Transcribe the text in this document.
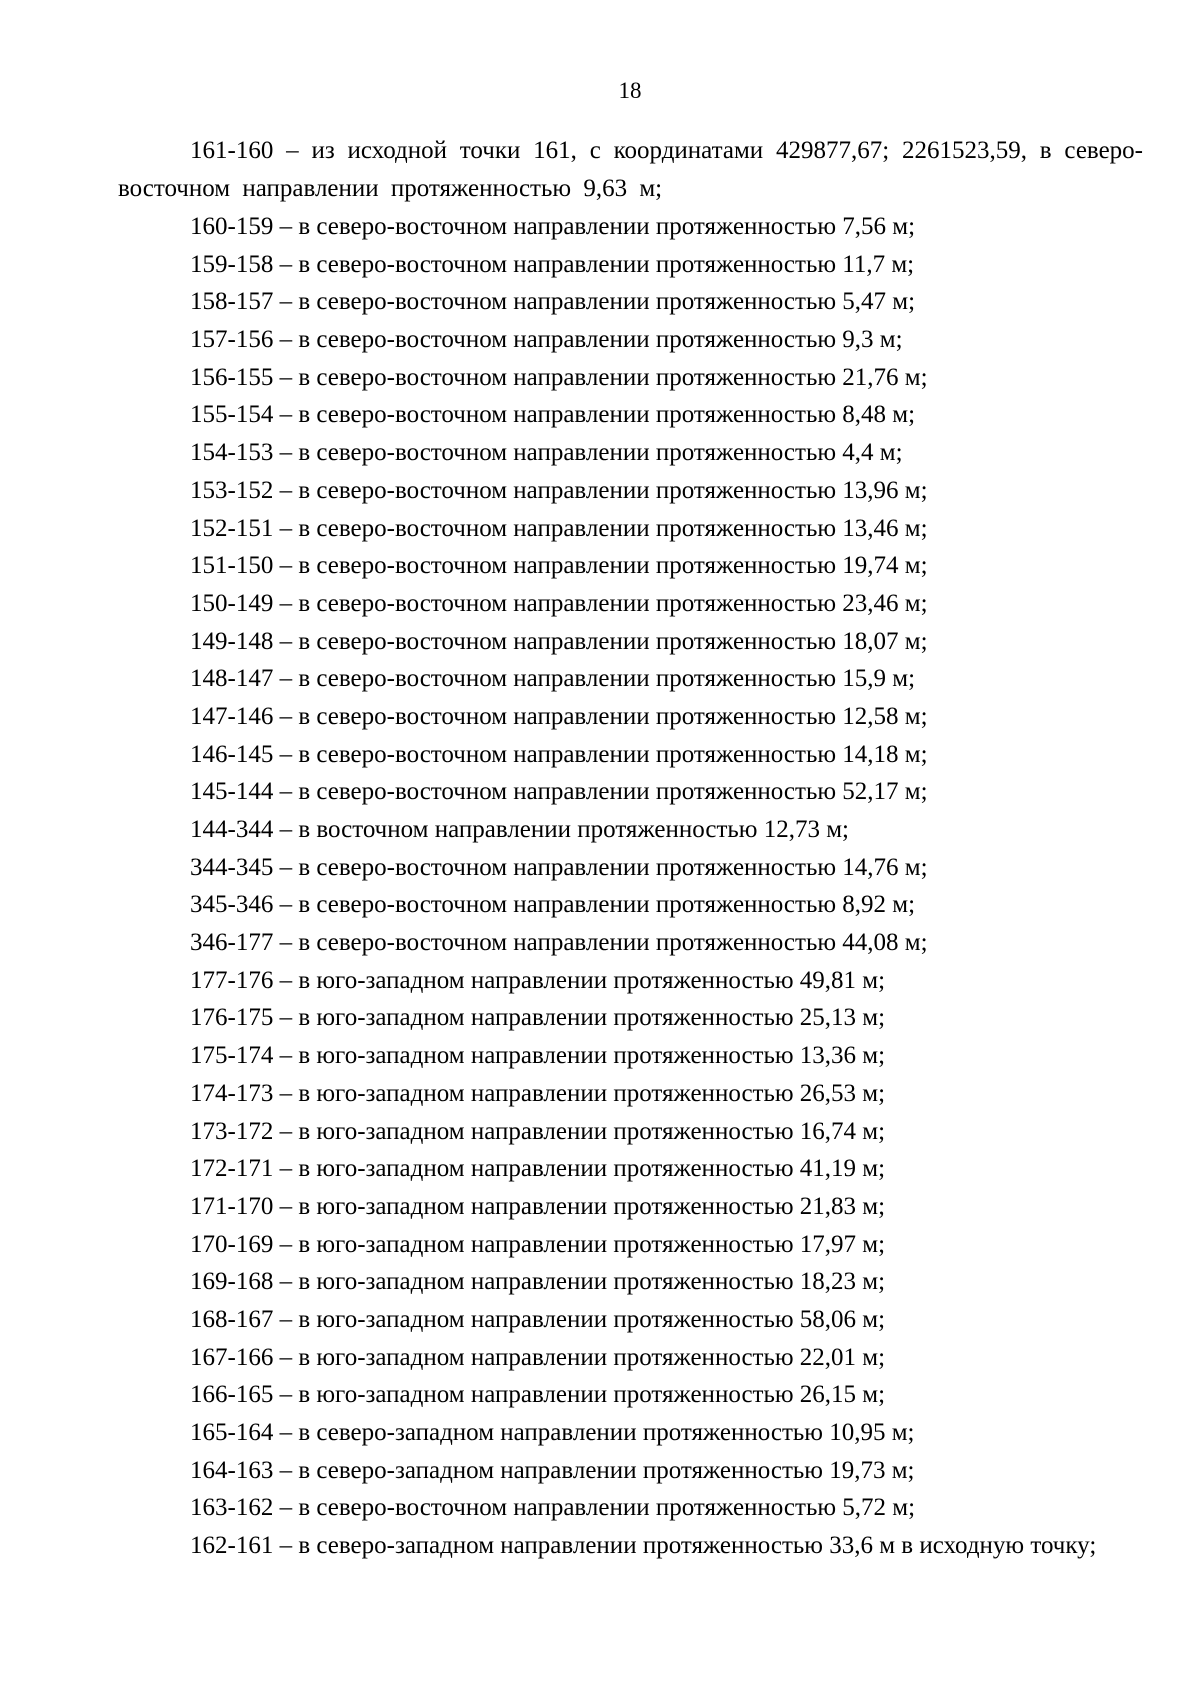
18

161-160 – из исходной точки 161, с координатами 429877,67; 2261523,59, в северо-восточном направлении протяженностью 9,63 м;

160-159 – в северо-восточном направлении протяженностью 7,56 м;
159-158 – в северо-восточном направлении протяженностью 11,7 м;
158-157 – в северо-восточном направлении протяженностью 5,47 м;
157-156 – в северо-восточном направлении протяженностью 9,3 м;
156-155 – в северо-восточном направлении протяженностью 21,76 м;
155-154 – в северо-восточном направлении протяженностью 8,48 м;
154-153 – в северо-восточном направлении протяженностью 4,4 м;
153-152 – в северо-восточном направлении протяженностью 13,96 м;
152-151 – в северо-восточном направлении протяженностью 13,46 м;
151-150 – в северо-восточном направлении протяженностью 19,74 м;
150-149 – в северо-восточном направлении протяженностью 23,46 м;
149-148 – в северо-восточном направлении протяженностью 18,07 м;
148-147 – в северо-восточном направлении протяженностью 15,9 м;
147-146 – в северо-восточном направлении протяженностью 12,58 м;
146-145 – в северо-восточном направлении протяженностью 14,18 м;
145-144 – в северо-восточном направлении протяженностью 52,17 м;
144-344 – в восточном направлении протяженностью 12,73 м;
344-345 – в северо-восточном направлении протяженностью 14,76 м;
345-346 – в северо-восточном направлении протяженностью 8,92 м;
346-177 – в северо-восточном направлении протяженностью 44,08 м;
177-176 – в юго-западном направлении протяженностью 49,81 м;
176-175 – в юго-западном направлении протяженностью 25,13 м;
175-174 – в юго-западном направлении протяженностью 13,36 м;
174-173 – в юго-западном направлении протяженностью 26,53 м;
173-172 – в юго-западном направлении протяженностью 16,74 м;
172-171 – в юго-западном направлении протяженностью 41,19 м;
171-170 – в юго-западном направлении протяженностью 21,83 м;
170-169 – в юго-западном направлении протяженностью 17,97 м;
169-168 – в юго-западном направлении протяженностью 18,23 м;
168-167 – в юго-западном направлении протяженностью 58,06 м;
167-166 – в юго-западном направлении протяженностью 22,01 м;
166-165 – в юго-западном направлении протяженностью 26,15 м;
165-164 – в северо-западном направлении протяженностью 10,95 м;
164-163 – в северо-западном направлении протяженностью 19,73 м;
163-162 – в северо-восточном направлении протяженностью 5,72 м;

162-161 – в северо-западном направлении протяженностью 33,6 м в исходную точку;
